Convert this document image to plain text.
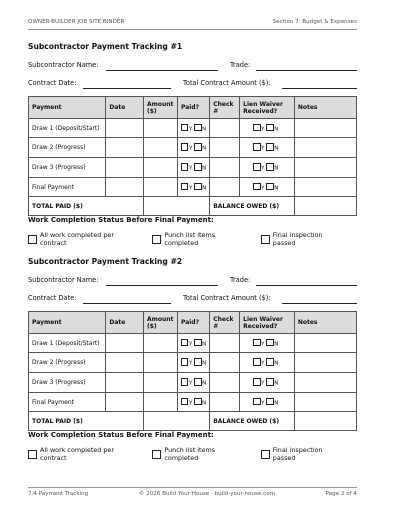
OWNER-BUILDER JOB SITE BINDER	Section 7: Budget & Expenses
Subcontractor Payment Tracking #1
Subcontractor Name:	Trade:
Contract Date:	Total Contract Amount ($):
Payment	Date	Amount ($)	Paid?	Check #	Lien Waiver Received?	Notes
Draw 1 (Deposit/Start)			Y N		Y N	
Draw 2 (Progress)			Y N		Y N	
Draw 3 (Progress)			Y N		Y N	
Final Payment			Y N		Y N	
TOTAL PAID ($)				BALANCE OWED ($)		
Work Completion Status Before Final Payment:
All work completed per contract
Punch list items completed
Final inspection passed
Subcontractor Payment Tracking #2
Subcontractor Name:	Trade:
Contract Date:	Total Contract Amount ($):
Payment	Date	Amount ($)	Paid?	Check #	Lien Waiver Received?	Notes
Draw 1 (Deposit/Start)			Y N		Y N	
Draw 2 (Progress)			Y N		Y N	
Draw 3 (Progress)			Y N		Y N	
Final Payment			Y N		Y N	
TOTAL PAID ($)				BALANCE OWED ($)		
Work Completion Status Before Final Payment:
All work completed per contract
Punch list items completed
Final inspection passed
7.4 Payment Tracking	© 2026 Build Your House · build-your-house.com	Page 2 of 4
